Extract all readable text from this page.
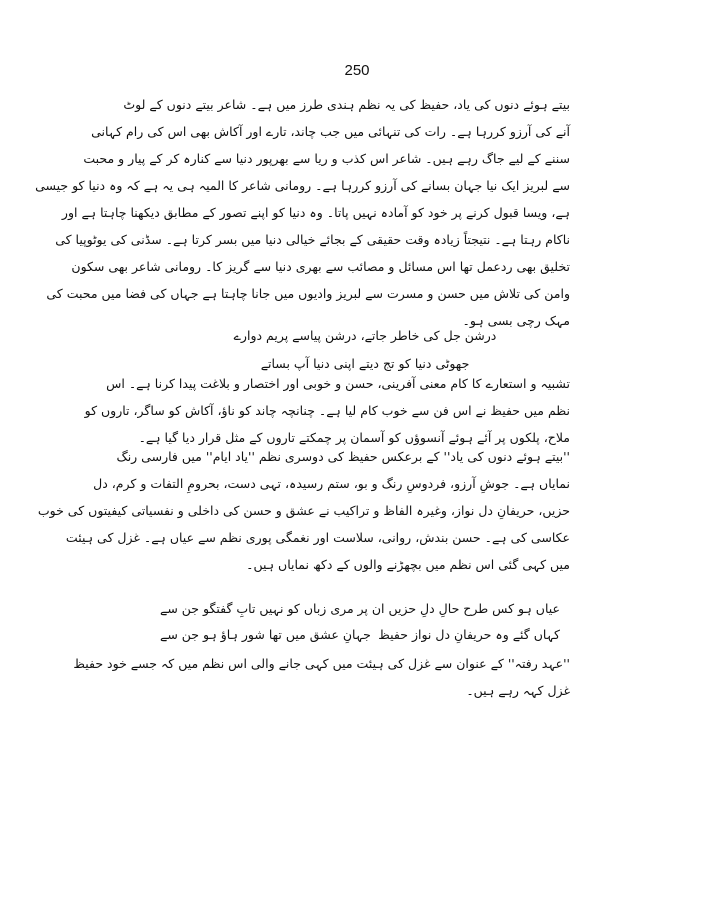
250
بیتے ہوئے دنوں کی یاد، حفیظ کی یہ نظم ہندی طرز میں ہے۔ شاعر بیتے دنوں کے لوٹ
آنے کی آرزو کررہا ہے۔ رات کی تنہائی میں جب چاند، تارے اور آکاش بھی اس کی رام کہانی
سننے کے لیے جاگ رہے ہیں۔ شاعر اس کذب و ریا سے بھرپور دنیا سے کنارہ کر کے پیار و محبت
سے لبریز ایک نیا جہان بسانے کی آرزو کررہا ہے۔ رومانی شاعر کا المیہ ہی یہ ہے کہ وہ دنیا کو جیسی
ہے، ویسا قبول کرنے پر خود کو آمادہ نہیں پاتا۔ وہ دنیا کو اپنے تصور کے مطابق دیکھنا چاہتا ہے اور
ناکام رہتا ہے۔ نتیجتاً زیادہ وقت حقیقی کے بجائے خیالی دنیا میں بسر کرتا ہے۔ سڈنی کی یوٹوپیا کی
تخلیق بھی ردعمل تھا اس مسائل و مصائب سے بھری دنیا سے گریز کا۔ رومانی شاعر بھی سکون
وامن کی تلاش میں حسن و مسرت سے لبریز وادیوں میں جانا چاہتا ہے جہاں کی فضا میں محبت کی
مہک رچی بسی ہو۔
درشن جل کی خاطر جاتے، درشن پیاسے پریم دوارے
جھوٹی دنیا کو تج دیتے اپنی دنیا آپ بساتے
تشبیہ و استعارے کا کام معنی آفرینی، حسن و خوبی اور اختصار و بلاغت پیدا کرنا ہے۔ اس
نظم میں حفیظ نے اس فن سے خوب کام لیا ہے۔ چنانچہ چاند کو ناؤ، آکاش کو ساگر، تاروں کو
ملاح، پلکوں پر آئے ہوئے آنسوؤں کو آسمان پر چمکتے تاروں کے مثل قرار دیا گیا ہے۔
''بیتے ہوئے دنوں کی یاد'' کے برعکس حفیظ کی دوسری نظم ''یاد ایام'' میں فارسی رنگ
نمایاں ہے۔ جوشِ آرزو، فردوسِ رنگ و بو، ستم رسیدہ، تہی دست، بحرومِ التفات و کرم، دل
حزیں، حریفانِ دل نواز، وغیرہ الفاظ و تراکیب نے عشق و حسن کی داخلی و نفسیاتی کیفیتوں کی خوب
عکاسی کی ہے۔ حسن بندش، روانی، سلاست اور نغمگی پوری نظم سے عیاں ہے۔ غزل کی ہیئت
میں کہی گئی اس نظم میں بچھڑنے والوں کے دکھ نمایاں ہیں۔
عیاں ہو کس طرح حالِ دلِ حزیں ان پر
مری زباں کو نہیں تابِ گفتگو جن سے
کہاں گئے وہ حریفانِ دل نواز حفیظ
جہانِ عشق میں تھا شور ہاؤ ہو جن سے
''عہد رفتہ'' کے عنوان سے غزل کی ہیئت میں کہی جانے والی اس نظم میں کہ جسے خود حفیظ
غزل کہہ رہے ہیں۔
